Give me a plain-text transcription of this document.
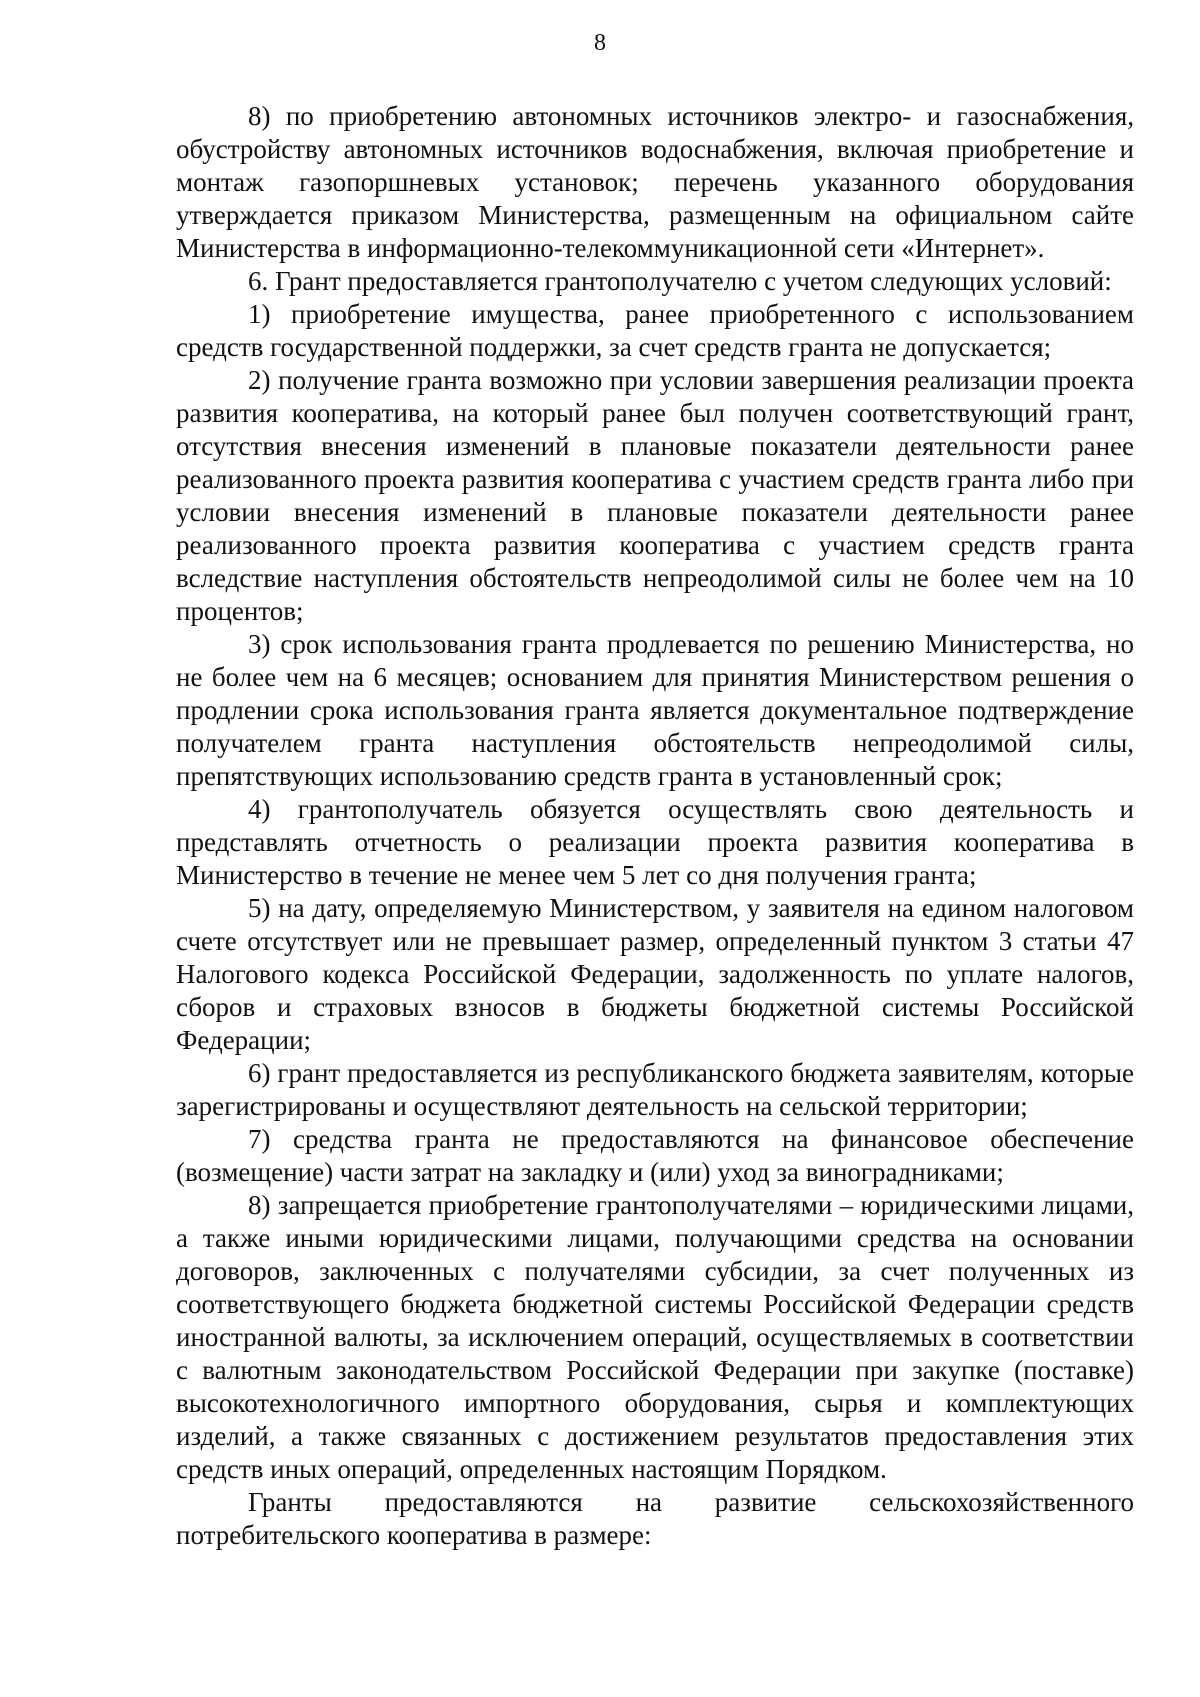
8

8) по приобретению автономных источников электро- и газоснабжения, обустройству автономных источников водоснабжения, включая приобретение и монтаж газопоршневых установок; перечень указанного оборудования утверждается приказом Министерства, размещенным на официальном сайте Министерства в информационно-телекоммуникационной сети «Интернет».

6. Грант предоставляется грантополучателю с учетом следующих условий:

1) приобретение имущества, ранее приобретенного с использованием средств государственной поддержки, за счет средств гранта не допускается;

2) получение гранта возможно при условии завершения реализации проекта развития кооператива, на который ранее был получен соответствующий грант, отсутствия внесения изменений в плановые показатели деятельности ранее реализованного проекта развития кооператива с участием средств гранта либо при условии внесения изменений в плановые показатели деятельности ранее реализованного проекта развития кооператива с участием средств гранта вследствие наступления обстоятельств непреодолимой силы не более чем на 10 процентов;

3) срок использования гранта продлевается по решению Министерства, но не более чем на 6 месяцев; основанием для принятия Министерством решения о продлении срока использования гранта является документальное подтверждение получателем гранта наступления обстоятельств непреодолимой силы, препятствующих использованию средств гранта в установленный срок;

4) грантополучатель обязуется осуществлять свою деятельность и представлять отчетность о реализации проекта развития кооператива в Министерство в течение не менее чем 5 лет со дня получения гранта;

5) на дату, определяемую Министерством, у заявителя на едином налоговом счете отсутствует или не превышает размер, определенный пунктом 3 статьи 47 Налогового кодекса Российской Федерации, задолженность по уплате налогов, сборов и страховых взносов в бюджеты бюджетной системы Российской Федерации;

6) грант предоставляется из республиканского бюджета заявителям, которые зарегистрированы и осуществляют деятельность на сельской территории;

7) средства гранта не предоставляются на финансовое обеспечение (возмещение) части затрат на закладку и (или) уход за виноградниками;

8) запрещается приобретение грантополучателями – юридическими лицами, а также иными юридическими лицами, получающими средства на основании договоров, заключенных с получателями субсидии, за счет полученных из соответствующего бюджета бюджетной системы Российской Федерации средств иностранной валюты, за исключением операций, осуществляемых в соответствии с валютным законодательством Российской Федерации при закупке (поставке) высокотехнологичного импортного оборудования, сырья и комплектующих изделий, а также связанных с достижением результатов предоставления этих средств иных операций, определенных настоящим Порядком.

Гранты предоставляются на развитие сельскохозяйственного потребительского кооператива в размере:
